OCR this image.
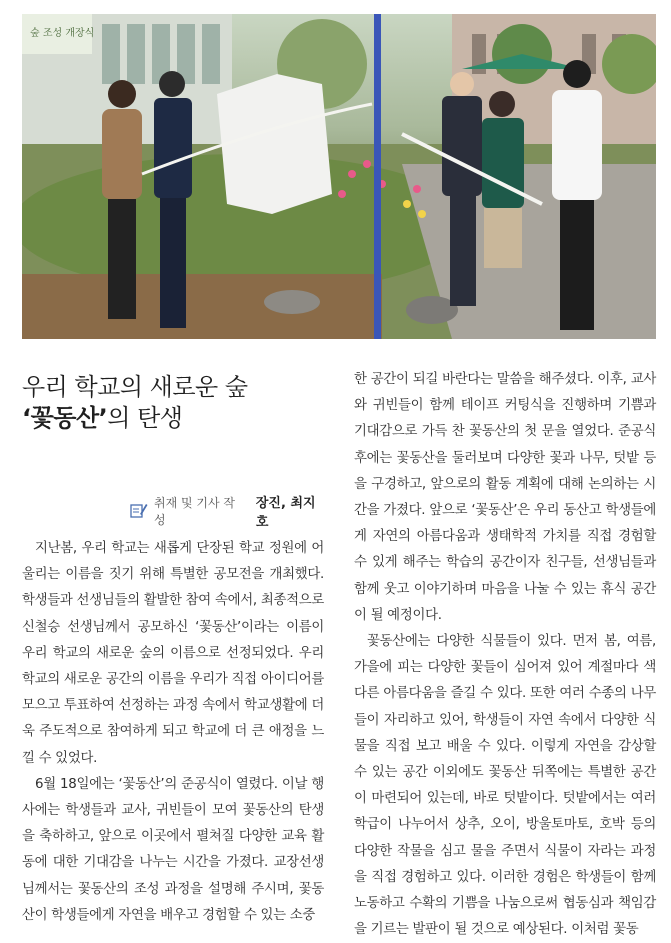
숲 조성 개장식
우리 학교의 새로운 숲
‘꽃동산’의 탄생
취재 및 기사 작성
장진, 최지호

지난봄, 우리 학교는 새롭게 단장된 학교 정원에 어울리는 이름을 짓기 위해 특별한 공모전을 개최했다. 학생들과 선생님들의 활발한 참여 속에서, 최종적으로 신철승 선생님께서 공모하신 ‘꽃동산’이라는 이름이 우리 학교의 새로운 숲의 이름으로 선정되었다. 우리 학교의 새로운 공간의 이름을 우리가 직접 아이디어를 모으고 투표하여 선정하는 과정 속에서 학교생활에 더욱 주도적으로 참여하게 되고 학교에 더 큰 애정을 느낄 수 있었다.

6월 18일에는 ‘꽃동산’의 준공식이 열렸다. 이날 행사에는 학생들과 교사, 귀빈들이 모여 꽃동산의 탄생을 축하하고, 앞으로 이곳에서 펼쳐질 다양한 교육 활동에 대한 기대감을 나누는 시간을 가졌다. 교장선생님께서는 꽃동산의 조성 과정을 설명해 주시며, 꽃동산이 학생들에게 자연을 배우고 경험할 수 있는 소중

한 공간이 되길 바란다는 말씀을 해주셨다. 이후, 교사와 귀빈들이 함께 테이프 커팅식을 진행하며 기쁨과 기대감으로 가득 찬 꽃동산의 첫 문을 열었다. 준공식 후에는 꽃동산을 둘러보며 다양한 꽃과 나무, 텃밭 등을 구경하고, 앞으로의 활동 계획에 대해 논의하는 시간을 가졌다. 앞으로 ‘꽃동산’은 우리 동산고 학생들에게 자연의 아름다움과 생태학적 가치를 직접 경험할 수 있게 해주는 학습의 공간이자 친구들, 선생님들과 함께 웃고 이야기하며 마음을 나눌 수 있는 휴식 공간이 될 예정이다.

꽃동산에는 다양한 식물들이 있다. 먼저 봄, 여름, 가을에 피는 다양한 꽃들이 심어져 있어 계절마다 색다른 아름다움을 즐길 수 있다. 또한 여러 수종의 나무들이 자리하고 있어, 학생들이 자연 속에서 다양한 식물을 직접 보고 배울 수 있다. 이렇게 자연을 감상할 수 있는 공간 이외에도 꽃동산 뒤쪽에는 특별한 공간이 마련되어 있는데, 바로 텃밭이다. 텃밭에서는 여러 학급이 나누어서 상추, 오이, 방울토마토, 호박 등의 다양한 작물을 심고 물을 주면서 식물이 자라는 과정을 직접 경험하고 있다. 이러한 경험은 학생들이 함께 노동하고 수확의 기쁨을 나눔으로써 협동심과 책임감을 기르는 발판이 될 것으로 예상된다. 이처럼 꽃동
